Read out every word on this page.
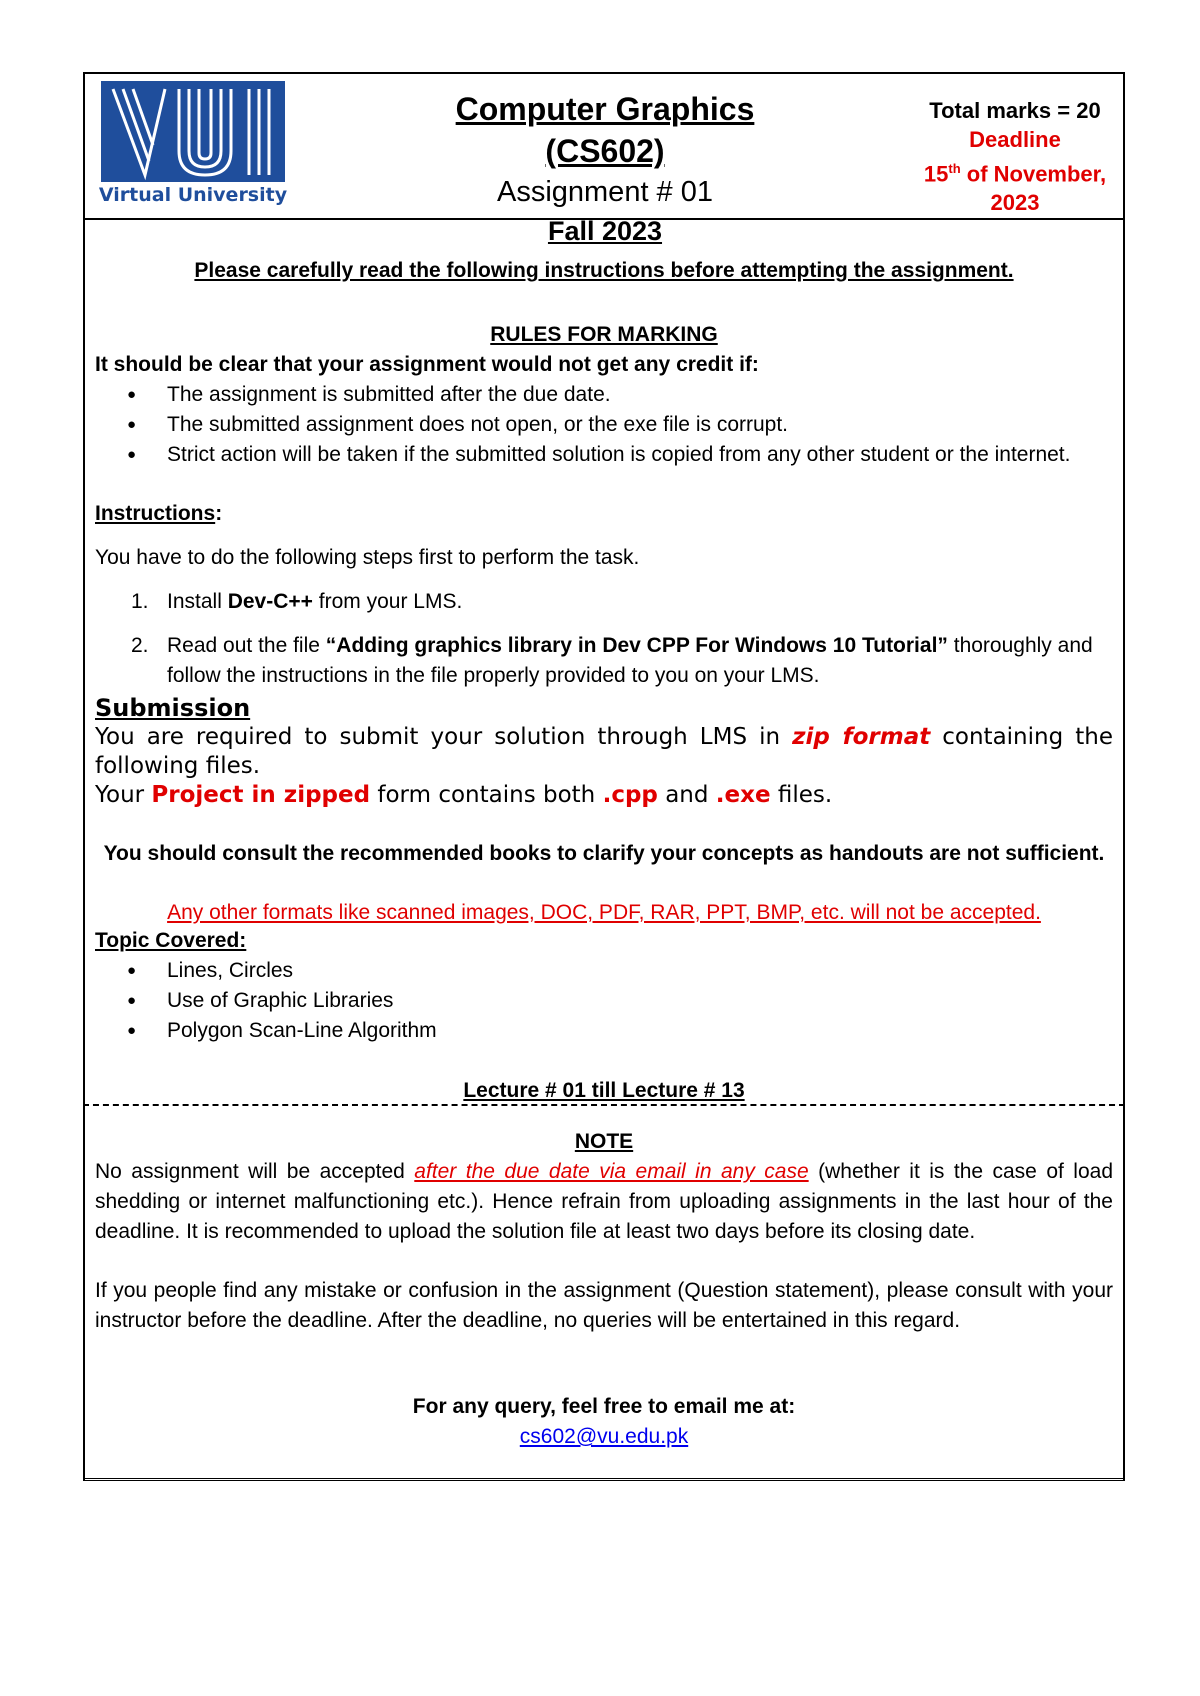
Virtual University
Computer Graphics (CS602)
Assignment # 01
Fall 2023
Total marks = 20
Deadline
15th of November,
2023
Please carefully read the following instructions before attempting the assignment.
RULES FOR MARKING
It should be clear that your assignment would not get any credit if:
● The assignment is submitted after the due date.
● The submitted assignment does not open, or the exe file is corrupt.
● Strict action will be taken if the submitted solution is copied from any other student or the internet.
Instructions:
You have to do the following steps first to perform the task.
1. Install Dev-C++ from your LMS.
2. Read out the file “Adding graphics library in Dev CPP For Windows 10 Tutorial” thoroughly and follow the instructions in the file properly provided to you on your LMS.
Submission
You are required to submit your solution through LMS in zip format containing the following files.
Your Project in zipped form contains both .cpp and .exe files.
You should consult the recommended books to clarify your concepts as handouts are not sufficient.
Any other formats like scanned images, DOC, PDF, RAR, PPT, BMP, etc. will not be accepted.
Topic Covered:
● Lines, Circles
● Use of Graphic Libraries
● Polygon Scan-Line Algorithm
Lecture # 01 till Lecture # 13
NOTE
No assignment will be accepted after the due date via email in any case (whether it is the case of load shedding or internet malfunctioning etc.). Hence refrain from uploading assignments in the last hour of the deadline. It is recommended to upload the solution file at least two days before its closing date.
If you people find any mistake or confusion in the assignment (Question statement), please consult with your instructor before the deadline. After the deadline, no queries will be entertained in this regard.
For any query, feel free to email me at:
cs602@vu.edu.pk
